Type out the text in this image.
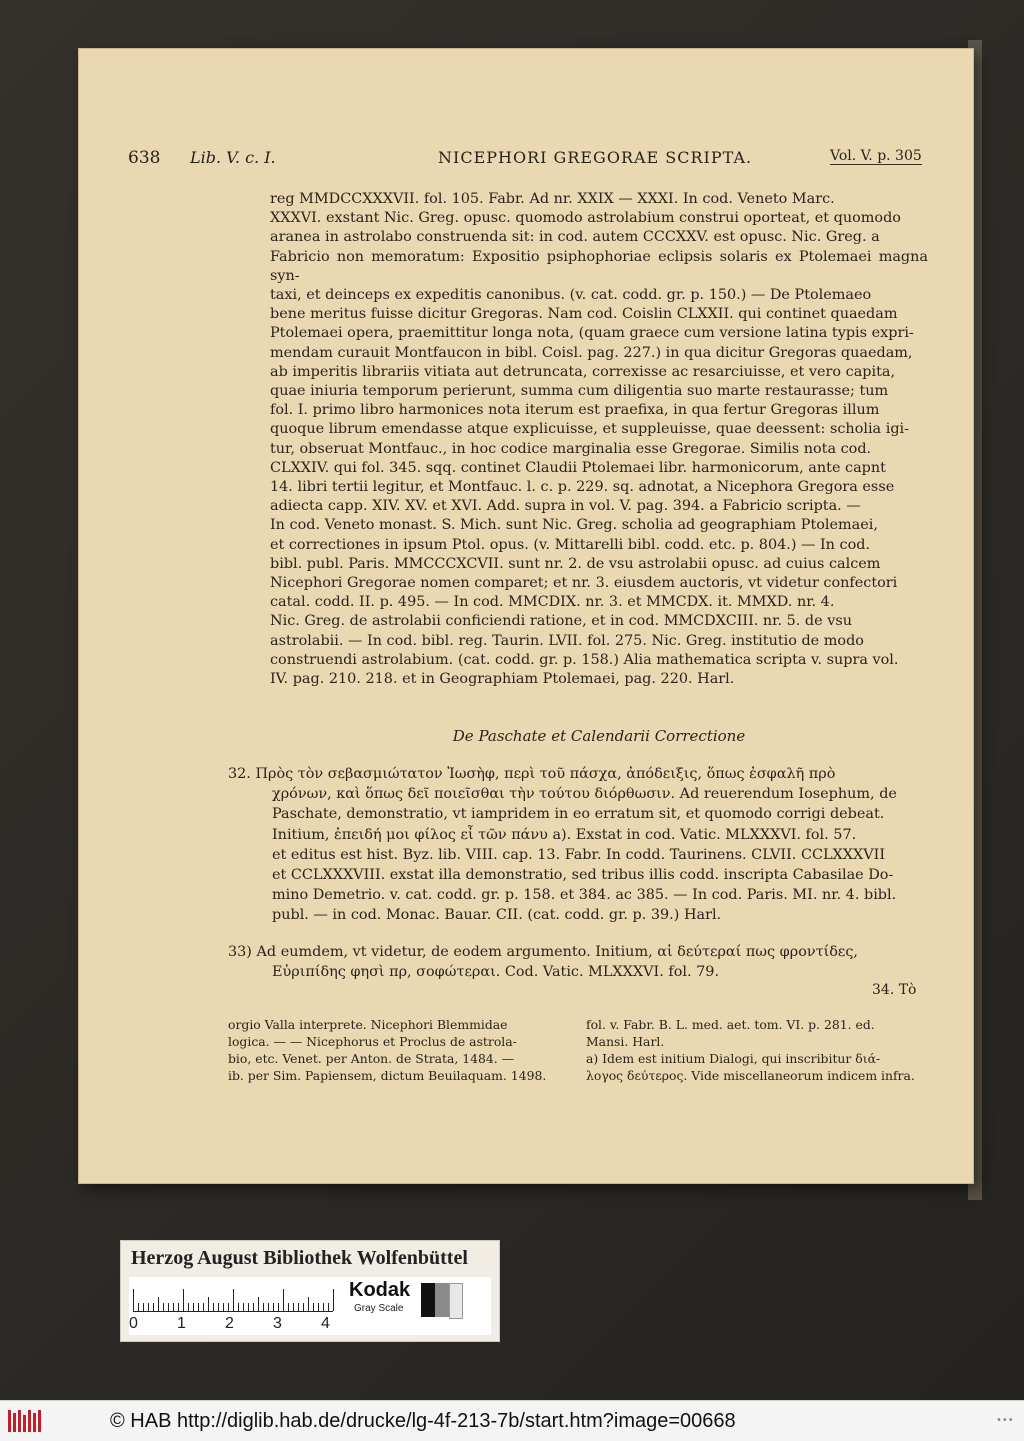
638 Lib. V. c. I.	NICEPHORI GREGORAE SCRIPTA.	Vol. V. p. 305
reg MMDCCXXXVII. fol. 105. Fabr. Ad nr. XXIX — XXXI. In cod. Veneto Marc.
XXXVI. exstant Nic. Greg. opusc. quomodo astrolabium construi oporteat, et quomodo
aranea in astrolabo construenda sit: in cod. autem CCCXXV. est opusc. Nic. Greg. a
Fabricio non memoratum: Expositio psiphophoriae eclipsis solaris ex Ptolemaei magna syn-
taxi, et deinceps ex expeditis canonibus. (v. cat. codd. gr. p. 150.) — De Ptolemaeo
bene meritus fuisse dicitur Gregoras. Nam cod. Coislin CLXXII. qui continet quaedam
Ptolemaei opera, praemittitur longa nota, (quam graece cum versione latina typis expri-
mendam curauit Montfaucon in bibl. Coisl. pag. 227.) in qua dicitur Gregoras quaedam,
ab imperitis librariis vitiata aut detruncata, correxisse ac resarciuisse, et vero capita,
quae iniuria temporum perierunt, summa cum diligentia suo marte restaurasse; tum
fol. I. primo libro harmonices nota iterum est praefixa, in qua fertur Gregoras illum
quoque librum emendasse atque explicuisse, et suppleuisse, quae deessent: scholia igi-
tur, obseruat Montfauc., in hoc codice marginalia esse Gregorae. Similis nota cod.
CLXXIV. qui fol. 345. sqq. continet Claudii Ptolemaei libr. harmonicorum, ante capnt
14. libri tertii legitur, et Montfauc. l. c. p. 229. sq. adnotat, a Nicephora Gregora esse
adiecta capp. XIV. XV. et XVI. Add. supra in vol. V. pag. 394. a Fabricio scripta. —
In cod. Veneto monast. S. Mich. sunt Nic. Greg. scholia ad geographiam Ptolemaei,
et correctiones in ipsum Ptol. opus. (v. Mittarelli bibl. codd. etc. p. 804.) — In cod.
bibl. publ. Paris. MMCCCXCVII. sunt nr. 2. de vsu astrolabii opusc. ad cuius calcem
Nicephori Gregorae nomen comparet; et nr. 3. eiusdem auctoris, vt videtur confectori
catal. codd. II. p. 495. — In cod. MMCDIX. nr. 3. et MMCDX. it. MMXD. nr. 4.
Nic. Greg. de astrolabii conficiendi ratione, et in cod. MMCDXCIII. nr. 5. de vsu
astrolabii. — In cod. bibl. reg. Taurin. LVII. fol. 275. Nic. Greg. institutio de modo
construendi astrolabium. (cat. codd. gr. p. 158.) Alia mathematica scripta v. supra vol.
IV. pag. 210. 218. et in Geographiam Ptolemaei, pag. 220. Harl.
De Paschate et Calendarii Correctione
32. Πρὸς τὸν σεβασμιώτατον Ἰωσὴφ, περὶ τοῦ πάσχα, ἀπόδειξις, ὅπως ἐσφαλῆ πρὸ
χρόνων, καὶ ὅπως δεῖ ποιεῖσθαι τὴν τούτου διόρθωσιν. Ad reuerendum Iosephum, de
Paschate, demonstratio, vt iampridem in eo erratum sit, et quomodo corrigi debeat.
Initium, ἐπειδή μοι φίλος εἶ τῶν πάνυ a). Exstat in cod. Vatic. MLXXXVI. fol. 57.
et editus est hist. Byz. lib. VIII. cap. 13. Fabr. In codd. Taurinens. CLVII. CCLXXXVII
et CCLXXXVIII. exstat illa demonstratio, sed tribus illis codd. inscripta Cabasilae Do-
mino Demetrio. v. cat. codd. gr. p. 158. et 384. ac 385. — In cod. Paris. MI. nr. 4. bibl.
publ. — in cod. Monac. Bauar. CII. (cat. codd. gr. p. 39.) Harl.
33) Ad eumdem, vt videtur, de eodem argumento. Initium, αἱ δεύτεραί πως φροντίδες,
Εὐριπίδης φησὶ πρ, σοφώτεραι. Cod. Vatic. MLXXXVI. fol. 79.
34. Τὸ
orgio Valla interprete. Nicephori Blemmidae
logica. — — Nicephorus et Proclus de astrola-
bio, etc. Venet. per Anton. de Strata, 1484. —
ib. per Sim. Papiensem, dictum Beuilaquam. 1498.
fol. v. Fabr. B. L. med. aet. tom. VI. p. 281. ed.
Mansi. Harl.
a) Idem est initium Dialogi, qui inscribitur διά-
λογος δεύτερος. Vide miscellaneorum indicem infra.
Herzog August Bibliothek Wolfenbüttel
0 1 2 3 4
Kodak
Gray Scale
© HAB http://diglib.hab.de/drucke/lg-4f-213-7b/start.htm?image=00668	•••
